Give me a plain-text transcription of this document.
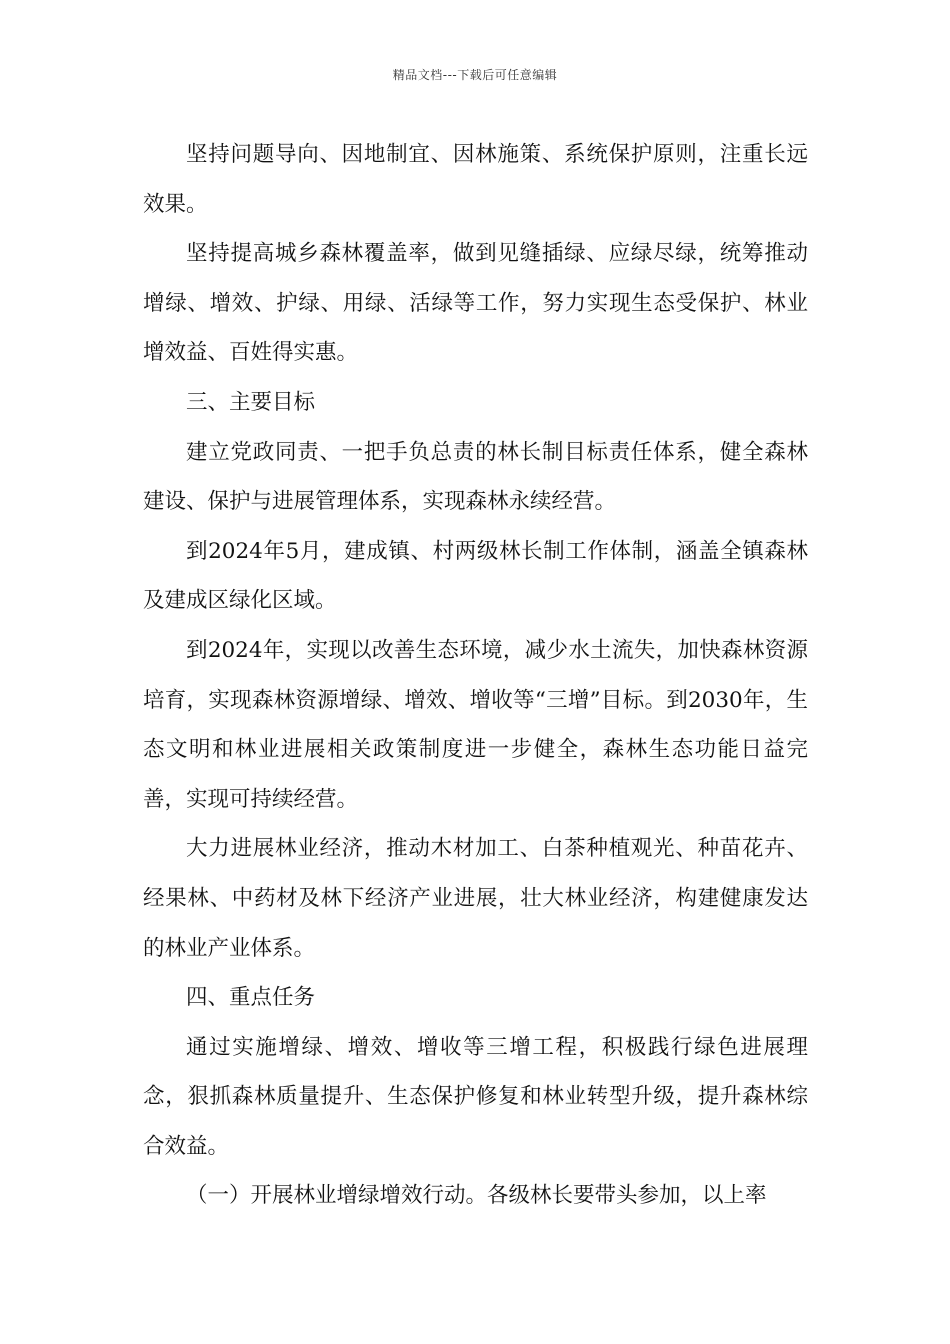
精品文档---下载后可任意编辑

坚持问题导向、因地制宜、因林施策、系统保护原则，注重长远效果。

坚持提高城乡森林覆盖率，做到见缝插绿、应绿尽绿，统筹推动增绿、增效、护绿、用绿、活绿等工作，努力实现生态受保护、林业增效益、百姓得实惠。

三、主要目标

建立党政同责、一把手负总责的林长制目标责任体系，健全森林建设、保护与进展管理体系，实现森林永续经营。

到2024年5月，建成镇、村两级林长制工作体制，涵盖全镇森林及建成区绿化区域。

到2024年，实现以改善生态环境，减少水土流失，加快森林资源培育，实现森林资源增绿、增效、增收等“三增”目标。到2030年，生态文明和林业进展相关政策制度进一步健全，森林生态功能日益完善，实现可持续经营。

大力进展林业经济，推动木材加工、白茶种植观光、种苗花卉、经果林、中药材及林下经济产业进展，壮大林业经济，构建健康发达的林业产业体系。

四、重点任务

通过实施增绿、增效、增收等三增工程，积极践行绿色进展理念，狠抓森林质量提升、生态保护修复和林业转型升级，提升森林综合效益。

（一）开展林业增绿增效行动。各级林长要带头参加，以上率
